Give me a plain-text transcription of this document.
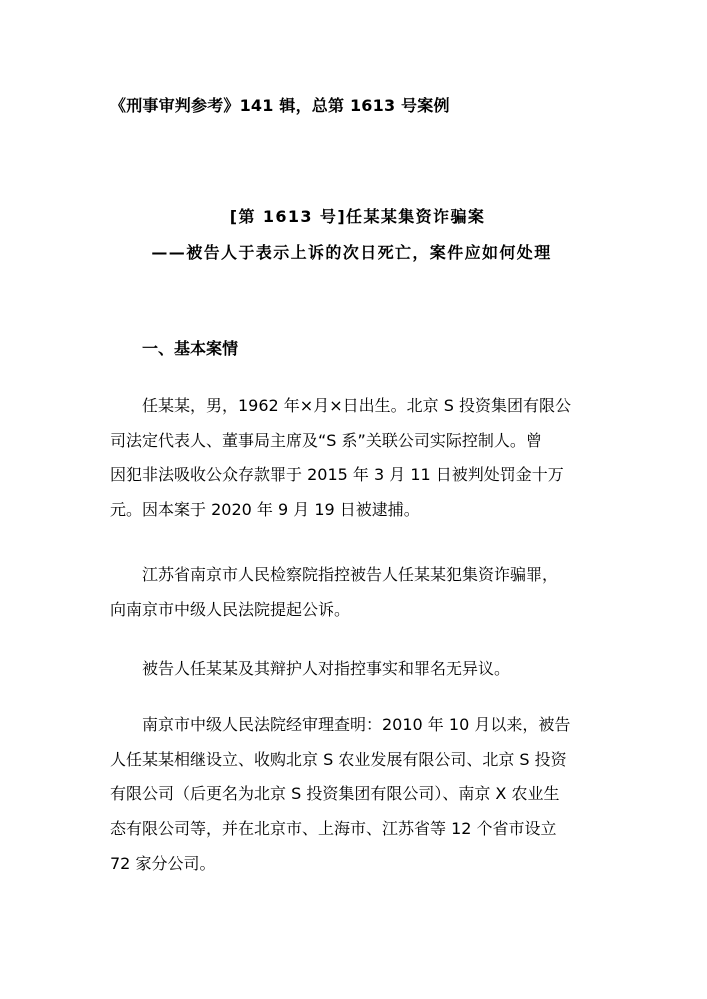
《刑事审判参考》141 辑，总第 1613 号案例
[第 1613 号]任某某集资诈骗案
——被告人于表示上诉的次日死亡，案件应如何处理
一、基本案情
任某某，男，1962 年×月×日出生。北京 S 投资集团有限公
司法定代表人、董事局主席及“S 系”关联公司实际控制人。曾
因犯非法吸收公众存款罪于 2015 年 3 月 11 日被判处罚金十万
元。因本案于 2020 年 9 月 19 日被逮捕。
江苏省南京市人民检察院指控被告人任某某犯集资诈骗罪，
向南京市中级人民法院提起公诉。
被告人任某某及其辩护人对指控事实和罪名无异议。
南京市中级人民法院经审理查明：2010 年 10 月以来，被告
人任某某相继设立、收购北京 S 农业发展有限公司、北京 S 投资
有限公司（后更名为北京 S 投资集团有限公司）、南京 X 农业生
态有限公司等，并在北京市、上海市、江苏省等 12 个省市设立
72 家分公司。
